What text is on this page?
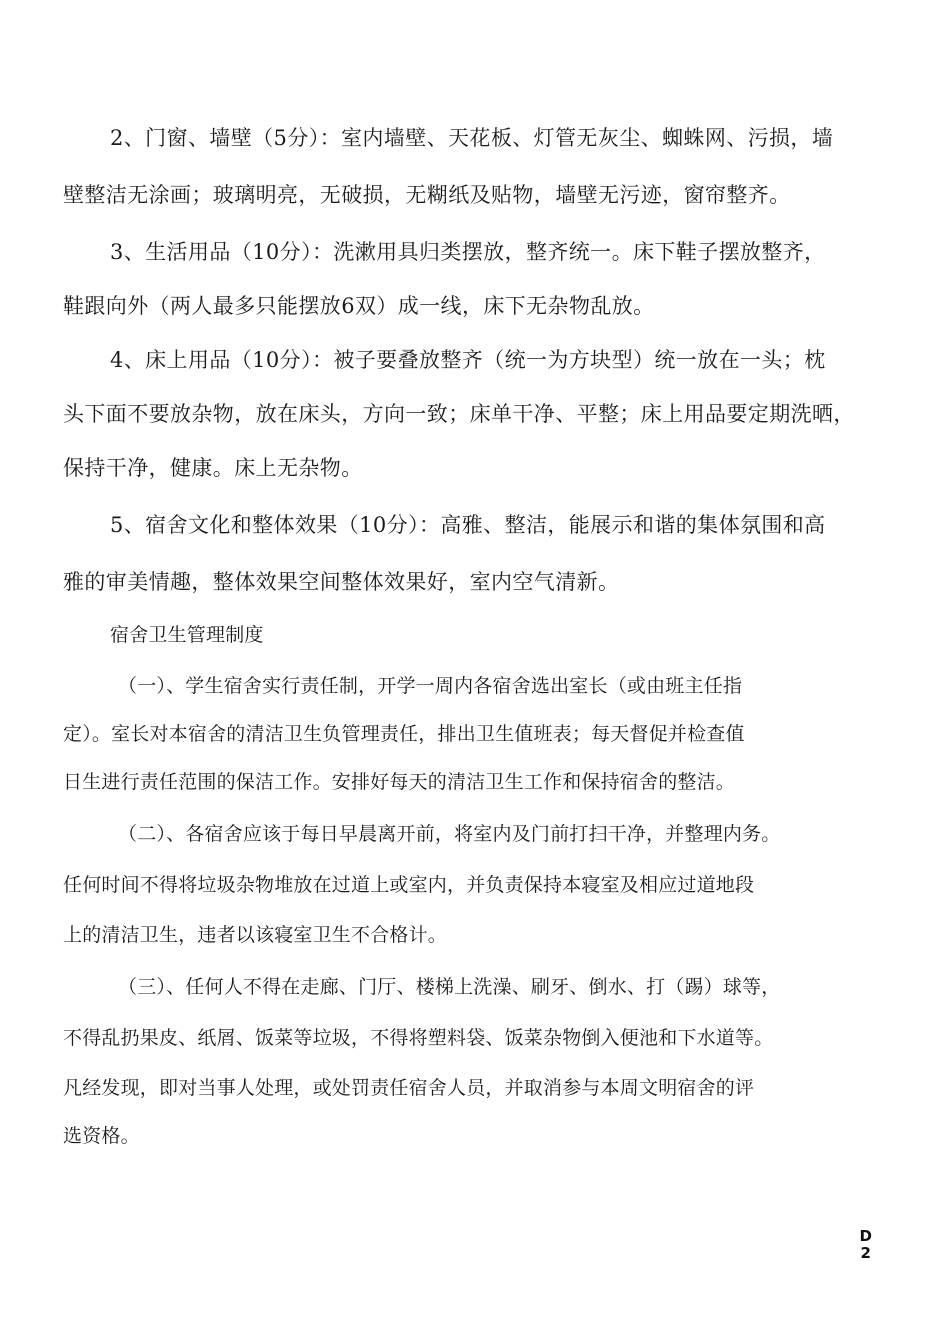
2、门窗、墙壁（5分）：室内墙壁、天花板、灯管无灰尘、蜘蛛网、污损，墙
壁整洁无涂画；玻璃明亮，无破损，无糊纸及贴物，墙壁无污迹，窗帘整齐。
3、生活用品（10分）：洗漱用具归类摆放，整齐统一。床下鞋子摆放整齐，
鞋跟向外（两人最多只能摆放6双）成一线，床下无杂物乱放。
4、床上用品（10分）：被子要叠放整齐（统一为方块型）统一放在一头；枕
头下面不要放杂物，放在床头，方向一致；床单干净、平整；床上用品要定期洗晒，
保持干净，健康。床上无杂物。
5、宿舍文化和整体效果（10分）：高雅、整洁，能展示和谐的集体氛围和高
雅的审美情趣，整体效果空间整体效果好，室内空气清新。
宿舍卫生管理制度
（一）、学生宿舍实行责任制，开学一周内各宿舍选出室长（或由班主任指
定）。室长对本宿舍的清洁卫生负管理责任，排出卫生值班表；每天督促并检查值
日生进行责任范围的保洁工作。安排好每天的清洁卫生工作和保持宿舍的整洁。
（二）、各宿舍应该于每日早晨离开前，将室内及门前打扫干净，并整理内务。
任何时间不得将垃圾杂物堆放在过道上或室内，并负责保持本寝室及相应过道地段
上的清洁卫生，违者以该寝室卫生不合格计。
（三）、任何人不得在走廊、门厅、楼梯上洗澡、刷牙、倒水、打（踢）球等，
不得乱扔果皮、纸屑、饭菜等垃圾，不得将塑料袋、饭菜杂物倒入便池和下水道等。
凡经发现，即对当事人处理，或处罚责任宿舍人员，并取消参与本周文明宿舍的评
选资格。
D
2
